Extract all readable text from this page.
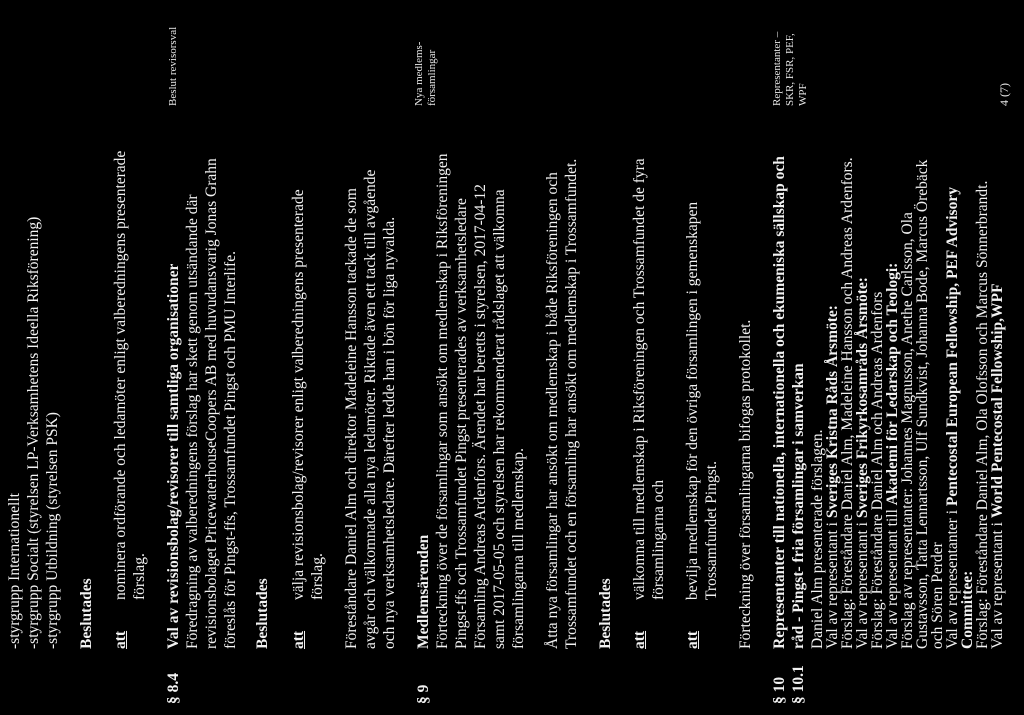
-styrgrupp Internationellt -styrgrupp Socialt (styrelsen LP-Verksamhetens Ideella Riksförening) -styrgrupp Utbildning (styrelsen PSK) Beslutades att
nominera ordförande och ledamöter enligt valberedningens presenterade förslag.
§ 8.4
Beslut revisorsval
Val av revisionsbolag/revisorer till samtliga organisationer Föredragning av valberedningens förslag har skett genom utsändande där revisionsbolaget PricewaterhouseCoopers AB med huvudansvarig Jonas Grahn föreslås för Pingst-ffs, Trossamfundet Pingst och PMU Interlife. Beslutades att
välja revisionsbolag/revisorer enligt valberedningens presenterade förslag. Föreståndare Daniel Alm och direktor Madeleine Hansson tackade de som avgår och välkomnade alla nya ledamöter. Riktade även ett tack till avgående och nya verksamhetsledare. Därefter ledde han i bön för liga nyvalda.
§ 9
Nya medlems- församlingar
Medlemsärenden Förteckning över de församlingar som ansökt om medlemskap i Riksföreningen Pingst-ffs och Trossamfundet Pingst presenterades av verksamhetsledare Församling Andreas Ardenfors. Ärendet har beretts i styrelsen, 2017-04-12 samt 2017-05-05 och styrelsen har rekommenderat rådslaget att välkomna församlingarna till medlemskap. Åtta nya församlingar har ansökt om medlemskap i både Riksföreningen och Trossamfundet och en församling har ansökt om medlemskap i Trossamfundet. Beslutades att
välkomna till medlemskap i Riksföreningen och Trossamfundet de fyra församlingarna och
att
bevilja medlemskap för den övriga församlingen i gemenskapen Trossamfundet Pingst. Förteckning över församlingarna bifogas protokollet.
§ 10 § 10.1
Representanter – SKR, FSR, PEF, WPF
Representanter till nationella, internationella och ekumeniska sällskap och råd - Pingst- fria församlingar i samverkan Daniel Alm presenterade förslagen.
Val av representant i Sveriges Kristna Råds Årsmöte:
Förslag: Föreståndare Daniel Alm, Madeleine Hansson och Andreas Ardenfors.
Val av representant i Sveriges Frikyrkosamråds Årsmöte:
Förslag: Föreståndare Daniel Alm och Andreas Ardenfors
Val av representant till Akademi för Ledarskap och Teologi:
Förslag av representanter: Johannes Magnusson, Anethe Carlsson, Ola
Gustavsson, Tatta Lennartsson, Ulf Sundkvist, Johanna Bode, Marcus Örebäck
och Sören Perder
Val av representanter i Pentecostal European Fellowship, PEF Advisory
Committee:
Förslag: Föreståndare Daniel Alm, Ola Olofsson och Marcus Sönnerbrandt.
Val av representant i World Pentecostal Fellowship,WPF
4 (7)
